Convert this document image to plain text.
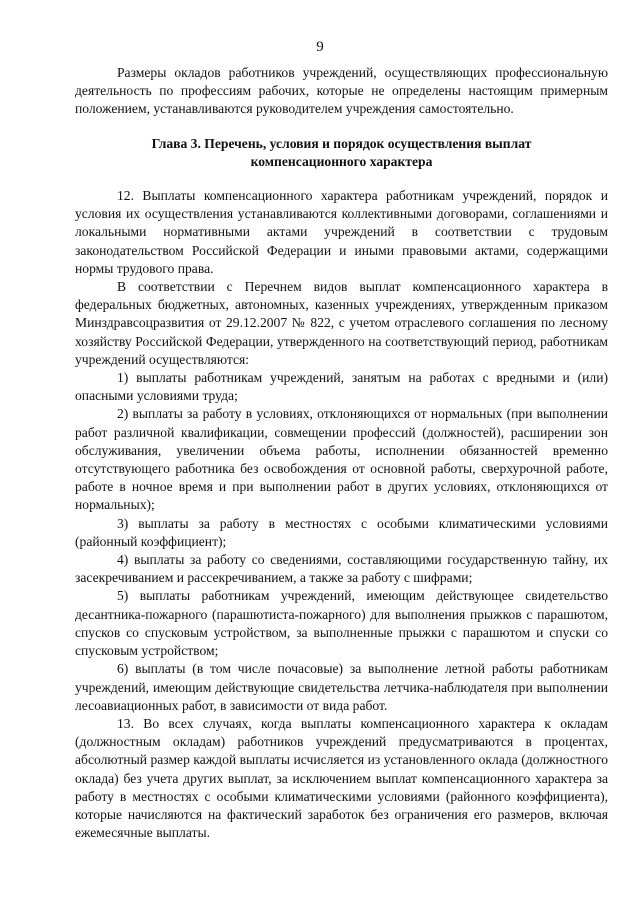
9

Размеры окладов работников учреждений, осуществляющих профессиональную деятельность по профессиям рабочих, которые не определены настоящим примерным положением, устанавливаются руководителем учреждения самостоятельно.

Глава 3. Перечень, условия и порядок осуществления выплат компенсационного характера

12. Выплаты компенсационного характера работникам учреждений, порядок и условия их осуществления устанавливаются коллективными договорами, соглашениями и локальными нормативными актами учреждений в соответствии с трудовым законодательством Российской Федерации и иными правовыми актами, содержащими нормы трудового права.

В соответствии с Перечнем видов выплат компенсационного характера в федеральных бюджетных, автономных, казенных учреждениях, утвержденным приказом Минздравсоцразвития от 29.12.2007 № 822, с учетом отраслевого соглашения по лесному хозяйству Российской Федерации, утвержденного на соответствующий период, работникам учреждений осуществляются:

1) выплаты работникам учреждений, занятым на работах с вредными и (или) опасными условиями труда;

2) выплаты за работу в условиях, отклоняющихся от нормальных (при выполнении работ различной квалификации, совмещении профессий (должностей), расширении зон обслуживания, увеличении объема работы, исполнении обязанностей временно отсутствующего работника без освобождения от основной работы, сверхурочной работе, работе в ночное время и при выполнении работ в других условиях, отклоняющихся от нормальных);

3) выплаты за работу в местностях с особыми климатическими условиями (районный коэффициент);

4) выплаты за работу со сведениями, составляющими государственную тайну, их засекречиванием и рассекречиванием, а также за работу с шифрами;

5) выплаты работникам учреждений, имеющим действующее свидетельство десантника-пожарного (парашютиста-пожарного) для выполнения прыжков с парашютом, спусков со спусковым устройством, за выполненные прыжки с парашютом и спуски со спусковым устройством;

6) выплаты (в том числе почасовые) за выполнение летной работы работникам учреждений, имеющим действующие свидетельства летчика-наблюдателя при выполнении лесоавиационных работ, в зависимости от вида работ.

13. Во всех случаях, когда выплаты компенсационного характера к окладам (должностным окладам) работников учреждений предусматриваются в процентах, абсолютный размер каждой выплаты исчисляется из установленного оклада (должностного оклада) без учета других выплат, за исключением выплат компенсационного характера за работу в местностях с особыми климатическими условиями (районного коэффициента), которые начисляются на фактический заработок без ограничения его размеров, включая ежемесячные выплаты.
